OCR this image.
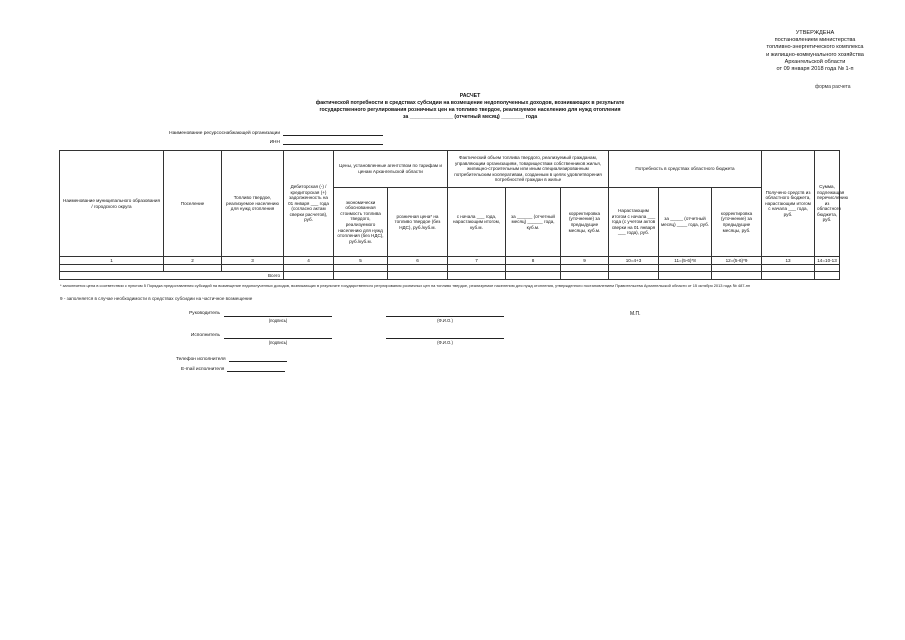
УТВЕРЖДЕНА
постановлением министерства
топливно-энергетического комплекса
и жилищно-коммунального хозяйства
Архангельской области
от 09 января 2018 года № 1-п
форма расчета
РАСЧЕТ
фактической потребности в средствах субсидии на возмещение недополученных доходов, возникающих в результате
государственного регулирования розничных цен на топливо твердое, реализуемое населению для нужд отопления
за _______________ (отчетный месяц) ________ года
Наименование ресурсоснабжающей организации
ИНН
Наименование муниципального образования / городского округа	Поселение	Топливо твердое, реализуемое населению для нужд отопления	Дебиторская (-) / кредиторская (+) задолженность на 01 января ___ года (согласно актам сверки расчетов), руб.	Цены, установленные агентством по тарифам и ценам Архангельской области		Фактический объем топлива твердого, реализуемый гражданам, управляющим организациям, товариществам собственников жилья, жилищно-строительным или иным специализированным потребительским кооперативам, созданным в целях удовлетворения потребностей граждан в жилье			Потребность в средствах областного бюджета			Получено средств из областного бюджета, нарастающим итогом с начала ___ года, руб.	Сумма, подлежащая перечислению из областного бюджета, руб.
				экономически обоснованная стоимость топлива твердого, реализуемого населению для нужд отопления (без НДС), руб./куб.м.	розничная цена* на топливо твердое (без НДС), руб./куб.м.	с начала ___ года, нарастающим итогом, куб.м.	за ______ (отчетный месяц) ______ года, куб.м.	корректировка (уточнение) за предыдущие месяцы, куб.м.	Нарастающим итогом с начала ___ года (с учетом актов сверки на 01 января ___ года), руб.	за _____ (отчетный месяц) ____ года, руб.	корректировка (уточнение) за предыдущие месяцы, руб.		
1	2	3	4	5	6	7	8	9	10=4+3	11=(5-6)*8	12=(5-6)*9	13	14=10-13

Всего													
* заполняется цена в соответствии с пунктом 5 Порядка предоставления субсидий на возмещение недополученных доходов, возникающих в результате государственного регулирования розничных цен на топливо твердое, реализуемое населению для нужд отопления, утвержденного постановлением Правительства Архангельской области от 15 октября 2013 года № 487-пп
9 - заполняется в случае необходимости в средствах субсидии на частичное возмещение
Руководитель
(подпись)	(Ф.И.О.)
Исполнитель
(подпись)	(Ф.И.О.)
М.П.
Телефон исполнителя
E-mail исполнителя
